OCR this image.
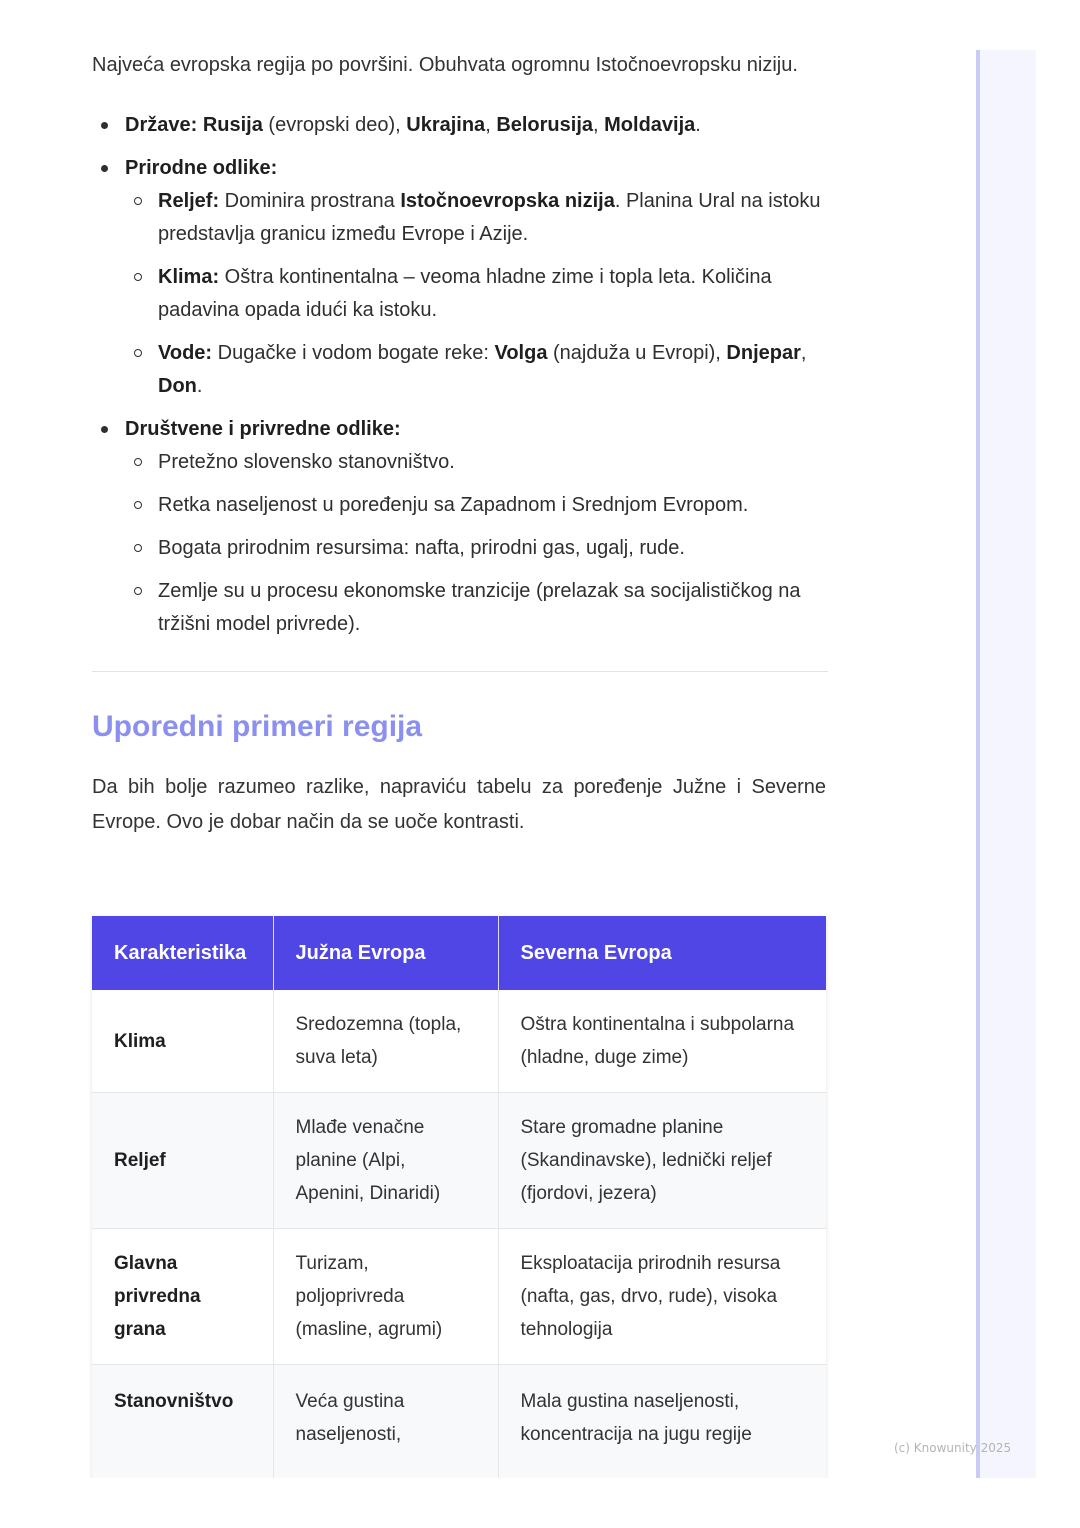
Najveća evropska regija po površini. Obuhvata ogromnu Istočnoevropsku niziju.

Države: Rusija (evropski deo), Ukrajina, Belorusija, Moldavija.
Prirodne odlike:
Reljef: Dominira prostrana Istočnoevropska nizija. Planina Ural na istoku predstavlja granicu između Evrope i Azije.
Klima: Oštra kontinentalna – veoma hladne zime i topla leta. Količina padavina opada idući ka istoku.
Vode: Dugačke i vodom bogate reke: Volga (najduža u Evropi), Dnjepar, Don.
Društvene i privredne odlike:
Pretežno slovensko stanovništvo.
Retka naseljenost u poređenju sa Zapadnom i Srednjom Evropom.
Bogata prirodnim resursima: nafta, prirodni gas, ugalj, rude.
Zemlje su u procesu ekonomske tranzicije (prelazak sa socijalističkog na tržišni model privrede).
Uporedni primeri regija

Da bih bolje razumeo razlike, napraviću tabelu za poređenje Južne i Severne Evrope. Ovo je dobar način da se uoče kontrasti.

Karakteristika	Južna Evropa	Severna Evropa
Klima	Sredozemna (topla, suva leta)	Oštra kontinentalna i subpolarna (hladne, duge zime)
Reljef	Mlađe venačne planine (Alpi, Apenini, Dinaridi)	Stare gromadne planine (Skandinavske), lednički reljef (fjordovi, jezera)
Glavna privredna grana	Turizam, poljoprivreda (masline, agrumi)	Eksploatacija prirodnih resursa (nafta, gas, drvo, rude), visoka tehnologija
Stanovništvo	Veća gustina naseljenosti,	Mala gustina naseljenosti, koncentracija na jugu regije
(c) Knowunity 2025
